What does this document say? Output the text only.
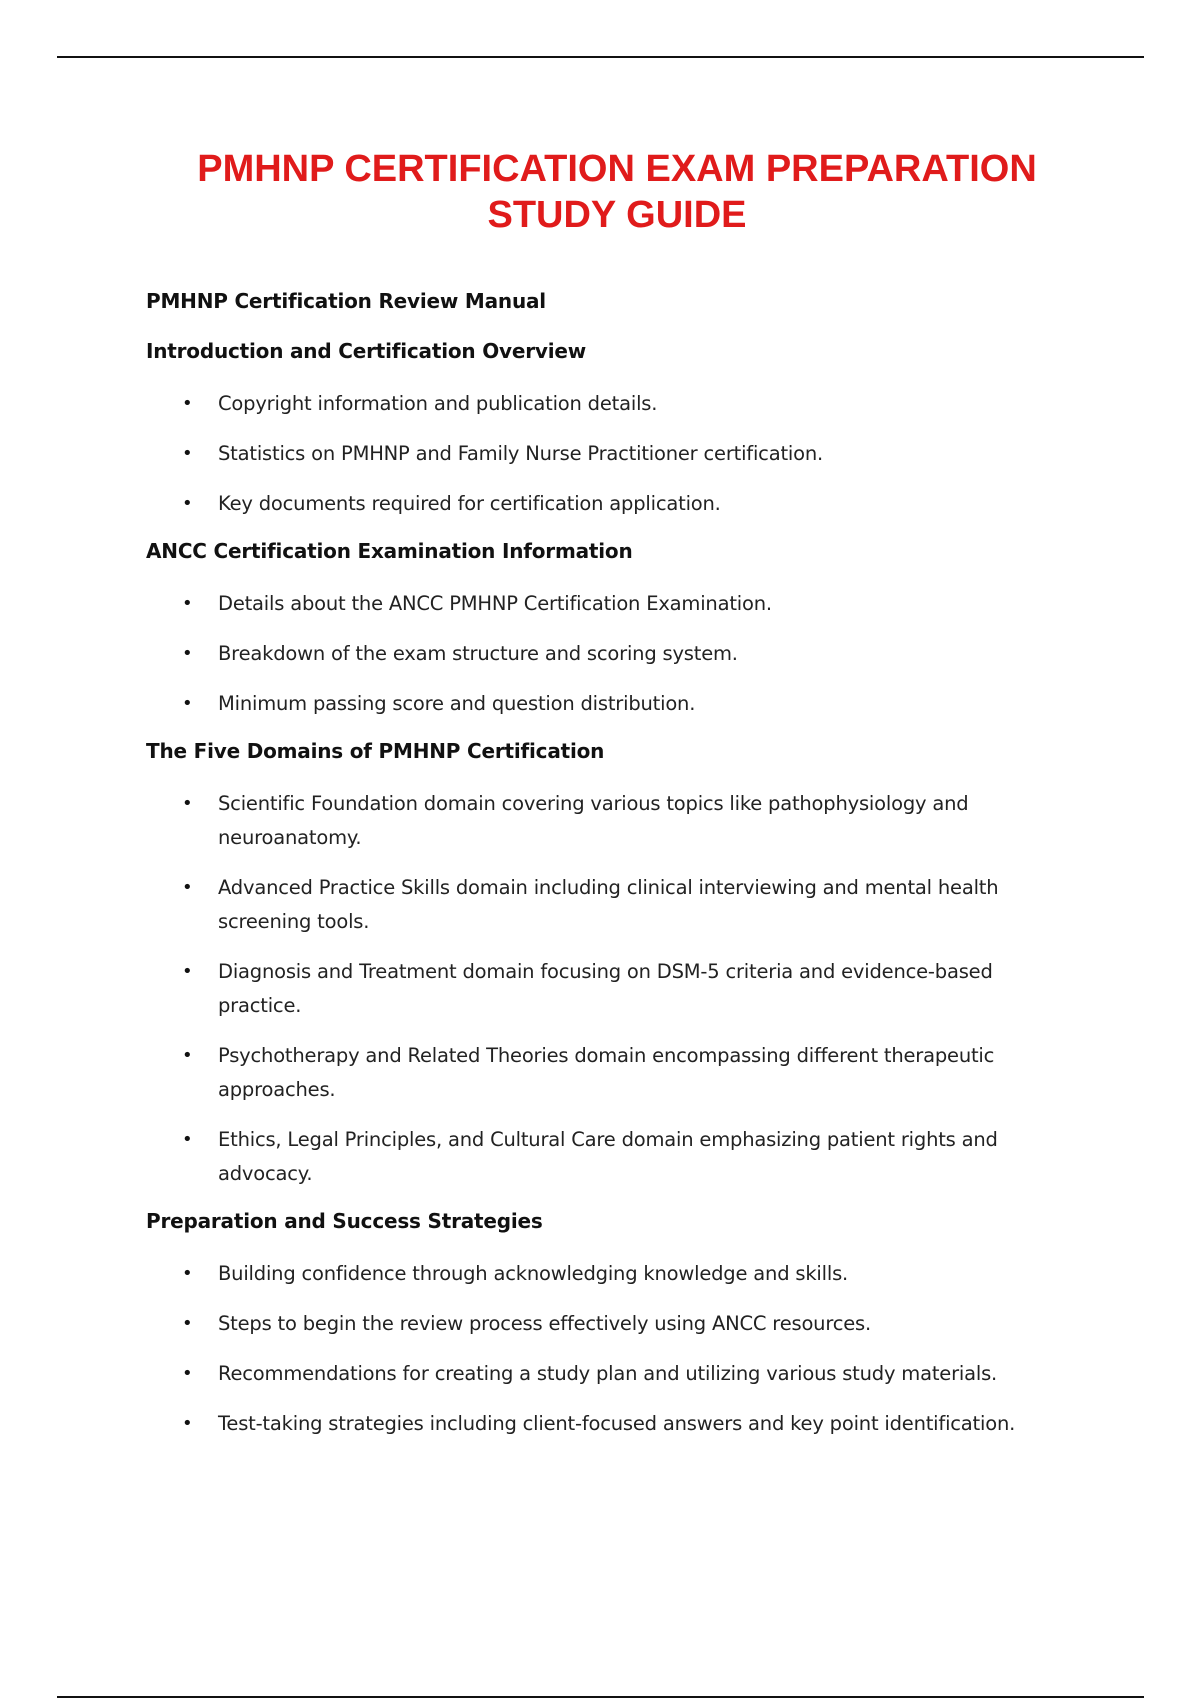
PMHNP CERTIFICATION EXAM PREPARATION
STUDY GUIDE

PMHNP Certification Review Manual

Introduction and Certification Overview

• Copyright information and publication details.
• Statistics on PMHNP and Family Nurse Practitioner certification.
• Key documents required for certification application.

ANCC Certification Examination Information

• Details about the ANCC PMHNP Certification Examination.
• Breakdown of the exam structure and scoring system.
• Minimum passing score and question distribution.

The Five Domains of PMHNP Certification

• Scientific Foundation domain covering various topics like pathophysiology and neuroanatomy.
• Advanced Practice Skills domain including clinical interviewing and mental health screening tools.
• Diagnosis and Treatment domain focusing on DSM-5 criteria and evidence-based practice.
• Psychotherapy and Related Theories domain encompassing different therapeutic approaches.
• Ethics, Legal Principles, and Cultural Care domain emphasizing patient rights and advocacy.

Preparation and Success Strategies

• Building confidence through acknowledging knowledge and skills.
• Steps to begin the review process effectively using ANCC resources.
• Recommendations for creating a study plan and utilizing various study materials.
• Test-taking strategies including client-focused answers and key point identification.
